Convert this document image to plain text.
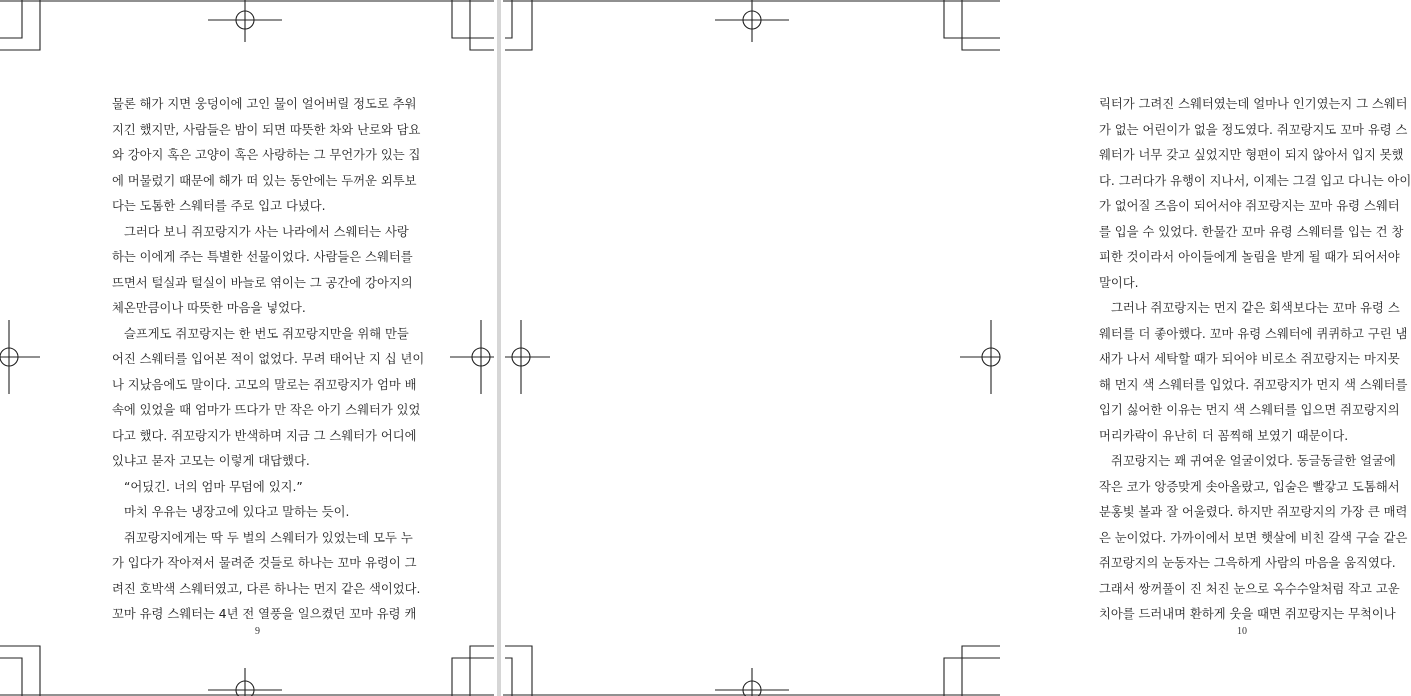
물론 해가 지면 웅덩이에 고인 물이 얼어버릴 정도로 추워
지긴 했지만, 사람들은 밤이 되면 따뜻한 차와 난로와 담요
와 강아지 혹은 고양이 혹은 사랑하는 그 무언가가 있는 집
에 머물렀기 때문에 해가 떠 있는 동안에는 두꺼운 외투보
다는 도톰한 스웨터를 주로 입고 다녔다.
그러다 보니 쥐꼬랑지가 사는 나라에서 스웨터는 사랑
하는 이에게 주는 특별한 선물이었다. 사람들은 스웨터를
뜨면서 털실과 털실이 바늘로 엮이는 그 공간에 강아지의
체온만큼이나 따뜻한 마음을 넣었다.
슬프게도 쥐꼬랑지는 한 번도 쥐꼬랑지만을 위해 만들
어진 스웨터를 입어본 적이 없었다. 무려 태어난 지 십 년이
나 지났음에도 말이다. 고모의 말로는 쥐꼬랑지가 엄마 배
속에 있었을 때 엄마가 뜨다가 만 작은 아기 스웨터가 있었
다고 했다. 쥐꼬랑지가 반색하며 지금 그 스웨터가 어디에
있냐고 묻자 고모는 이렇게 대답했다.
“어딨긴. 너의 엄마 무덤에 있지.”
마치 우유는 냉장고에 있다고 말하는 듯이.
쥐꼬랑지에게는 딱 두 벌의 스웨터가 있었는데 모두 누
가 입다가 작아져서 물려준 것들로 하나는 꼬마 유령이 그
려진 호박색 스웨터였고, 다른 하나는 먼지 같은 색이었다.
꼬마 유령 스웨터는 4년 전 열풍을 일으켰던 꼬마 유령 캐
9
릭터가 그려진 스웨터였는데 얼마나 인기였는지 그 스웨터
가 없는 어린이가 없을 정도였다. 쥐꼬랑지도 꼬마 유령 스
웨터가 너무 갖고 싶었지만 형편이 되지 않아서 입지 못했
다. 그러다가 유행이 지나서, 이제는 그걸 입고 다니는 아이
가 없어질 즈음이 되어서야 쥐꼬랑지는 꼬마 유령 스웨터
를 입을 수 있었다. 한물간 꼬마 유령 스웨터를 입는 건 창
피한 것이라서 아이들에게 놀림을 받게 될 때가 되어서야
말이다.
그러나 쥐꼬랑지는 먼지 같은 회색보다는 꼬마 유령 스
웨터를 더 좋아했다. 꼬마 유령 스웨터에 퀴퀴하고 구린 냄
새가 나서 세탁할 때가 되어야 비로소 쥐꼬랑지는 마지못
해 먼지 색 스웨터를 입었다. 쥐꼬랑지가 먼지 색 스웨터를
입기 싫어한 이유는 먼지 색 스웨터를 입으면 쥐꼬랑지의
머리카락이 유난히 더 꼼찍해 보였기 때문이다.
쥐꼬랑지는 꽤 귀여운 얼굴이었다. 동글동글한 얼굴에
작은 코가 앙증맞게 솟아올랐고, 입술은 빨갛고 도톰해서
분홍빛 볼과 잘 어울렸다. 하지만 쥐꼬랑지의 가장 큰 매력
은 눈이었다. 가까이에서 보면 햇살에 비친 갈색 구슬 같은
쥐꼬랑지의 눈동자는 그윽하게 사람의 마음을 움직였다.
그래서 쌍꺼풀이 진 처진 눈으로 옥수수알처럼 작고 고운
치아를 드러내며 환하게 웃을 때면 쥐꼬랑지는 무척이나
10
